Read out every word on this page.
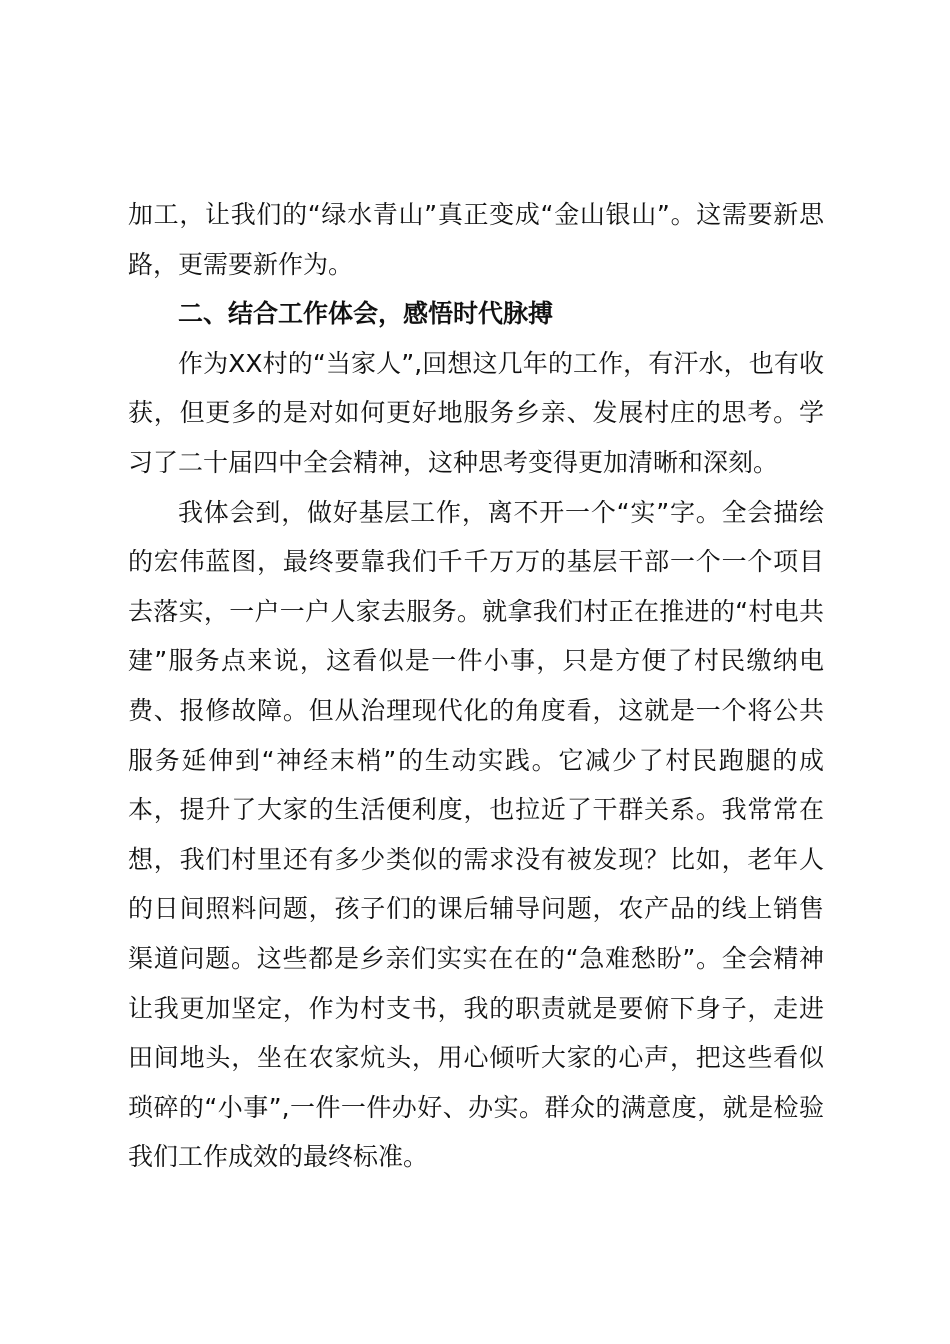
加工，让我们的“绿水青山”真正变成“金山银山”。这需要新思路，更需要新作为。

二、结合工作体会，感悟时代脉搏

作为XX村的“当家人”,回想这几年的工作，有汗水，也有收获，但更多的是对如何更好地服务乡亲、发展村庄的思考。学习了二十届四中全会精神，这种思考变得更加清晰和深刻。

我体会到，做好基层工作，离不开一个“实”字。全会描绘的宏伟蓝图，最终要靠我们千千万万的基层干部一个一个项目去落实，一户一户人家去服务。就拿我们村正在推进的“村电共建”服务点来说，这看似是一件小事，只是方便了村民缴纳电费、报修故障。但从治理现代化的角度看，这就是一个将公共服务延伸到“神经末梢”的生动实践。它减少了村民跑腿的成本，提升了大家的生活便利度，也拉近了干群关系。我常常在想，我们村里还有多少类似的需求没有被发现？比如，老年人的日间照料问题，孩子们的课后辅导问题，农产品的线上销售渠道问题。这些都是乡亲们实实在在的“急难愁盼”。全会精神让我更加坚定，作为村支书，我的职责就是要俯下身子，走进田间地头，坐在农家炕头，用心倾听大家的心声，把这些看似琐碎的“小事”,一件一件办好、办实。群众的满意度，就是检验我们工作成效的最终标准。
